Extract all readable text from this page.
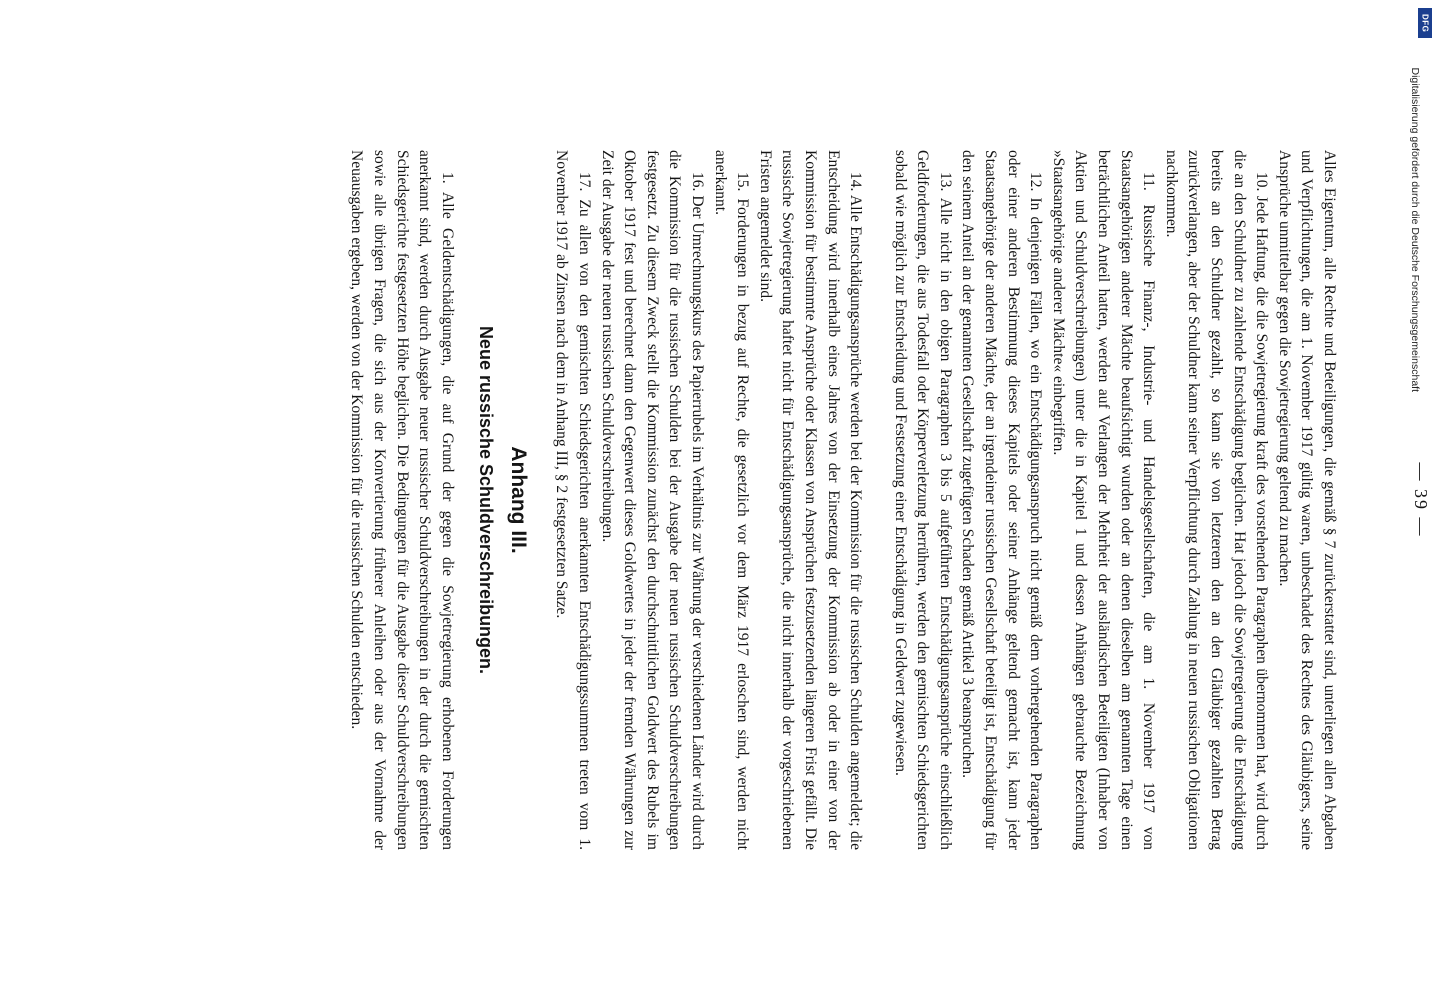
— 39 —

Alles Eigentum, alle Rechte und Beteiligungen, die gemäß § 7 zurückerstattet sind, unterliegen allen Abgaben und Verpflichtungen, die am 1. November 1917 gültig waren, unbeschadet des Rechtes des Gläubigers, seine Ansprüche unmittelbar gegen die Sowjetregierung geltend zu machen.

10. Jede Haftung, die die Sowjetregierung kraft des vorstehenden Paragraphen übernommen hat, wird durch die an den Schuldner zu zahlende Entschädigung beglichen. Hat jedoch die Sowjetregierung die Entschädigung bereits an den Schuldner gezahlt, so kann sie von letzterem den an den Gläubiger gezahlten Betrag zurückverlangen, aber der Schuldner kann seiner Verpflichtung durch Zahlung in neuen russischen Obligationen nachkommen.

11. Russische Finanz-, Industrie- und Handelsgesellschaften, die am 1. November 1917 von Staatsangehörigen anderer Mächte beaufsichtigt wurden oder an denen dieselben am genannten Tage einen beträchtlichen Anteil hatten, werden auf Verlangen der Mehrheit der ausländischen Beteiligten (Inhaber von Aktien und Schuldverschreibungen) unter die in Kapitel 1 und dessen Anhängen gebrauchte Bezeichnung »Staatsangehörige anderer Mächte« einbegriffen.

12. In denjenigen Fällen, wo ein Entschädigungsanspruch nicht gemäß dem vorhergehenden Paragraphen oder einer anderen Bestimmung dieses Kapitels oder seiner Anhänge geltend gemacht ist, kann jeder Staatsangehörige der anderen Mächte, der an irgendeiner russischen Gesellschaft beteiligt ist, Entschädigung für den seinem Anteil an der genannten Gesellschaft zugefügten Schaden gemäß Artikel 3 beanspruchen.

13. Alle nicht in den obigen Paragraphen 3 bis 5 aufgeführten Entschädigungsansprüche einschließlich Geldforderungen, die aus Todesfall oder Körperverletzung herrühren, werden den gemischten Schiedsgerichten sobald wie möglich zur Entscheidung und Festsetzung einer Entschädigung in Geldwert zugewiesen.

14. Alle Entschädigungsansprüche werden bei der Kommission für die russischen Schulden angemeldet; die Entscheidung wird innerhalb eines Jahres von der Einsetzung der Kommission ab oder in einer von der Kommission für bestimmte Ansprüche oder Klassen von Ansprüchen festzusetzenden längeren Frist gefällt. Die russische Sowjetregierung haftet nicht für Entschädigungsansprüche, die nicht innerhalb der vorgeschriebenen Fristen angemeldet sind.

15. Forderungen in bezug auf Rechte, die gesetzlich vor dem März 1917 erloschen sind, werden nicht anerkannt.

16. Der Umrechnungskurs des Papierrubels im Verhältnis zur Währung der verschiedenen Länder wird durch die Kommission für die russischen Schulden bei der Ausgabe der neuen russischen Schuldverschreibungen festgesetzt. Zu diesem Zweck stellt die Kommission zunächst den durchschnittlichen Goldwert des Rubels im Oktober 1917 fest und berechnet dann den Gegenwert dieses Goldwertes in jeder der fremden Währungen zur Zeit der Ausgabe der neuen russischen Schuldverschreibungen.

17. Zu allen von den gemischten Schiedsgerichten anerkannten Entschädigungssummen treten vom 1. November 1917 ab Zinsen nach dem in Anhang III, § 2 festgesetzten Satze.

Anhang III.
Neue russische Schuldverschreibungen.

1. Alle Geldentschädigungen, die auf Grund der gegen die Sowjetregierung erhobenen Forderungen anerkannt sind, werden durch Ausgabe neuer russischer Schuldverschreibungen in der durch die gemischten Schiedsgerichte festgesetzten Höhe beglichen. Die Bedingungen für die Ausgabe dieser Schuldverschreibungen sowie alle übrigen Fragen, die sich aus der Konvertierung früherer Anleihen oder aus der Vornahme der Neuausgaben ergeben, werden von der Kommission für die russischen Schulden entschieden.	Digitalisierung gefördert durch die Deutsche Forschungsgemeinschaft
DFG
